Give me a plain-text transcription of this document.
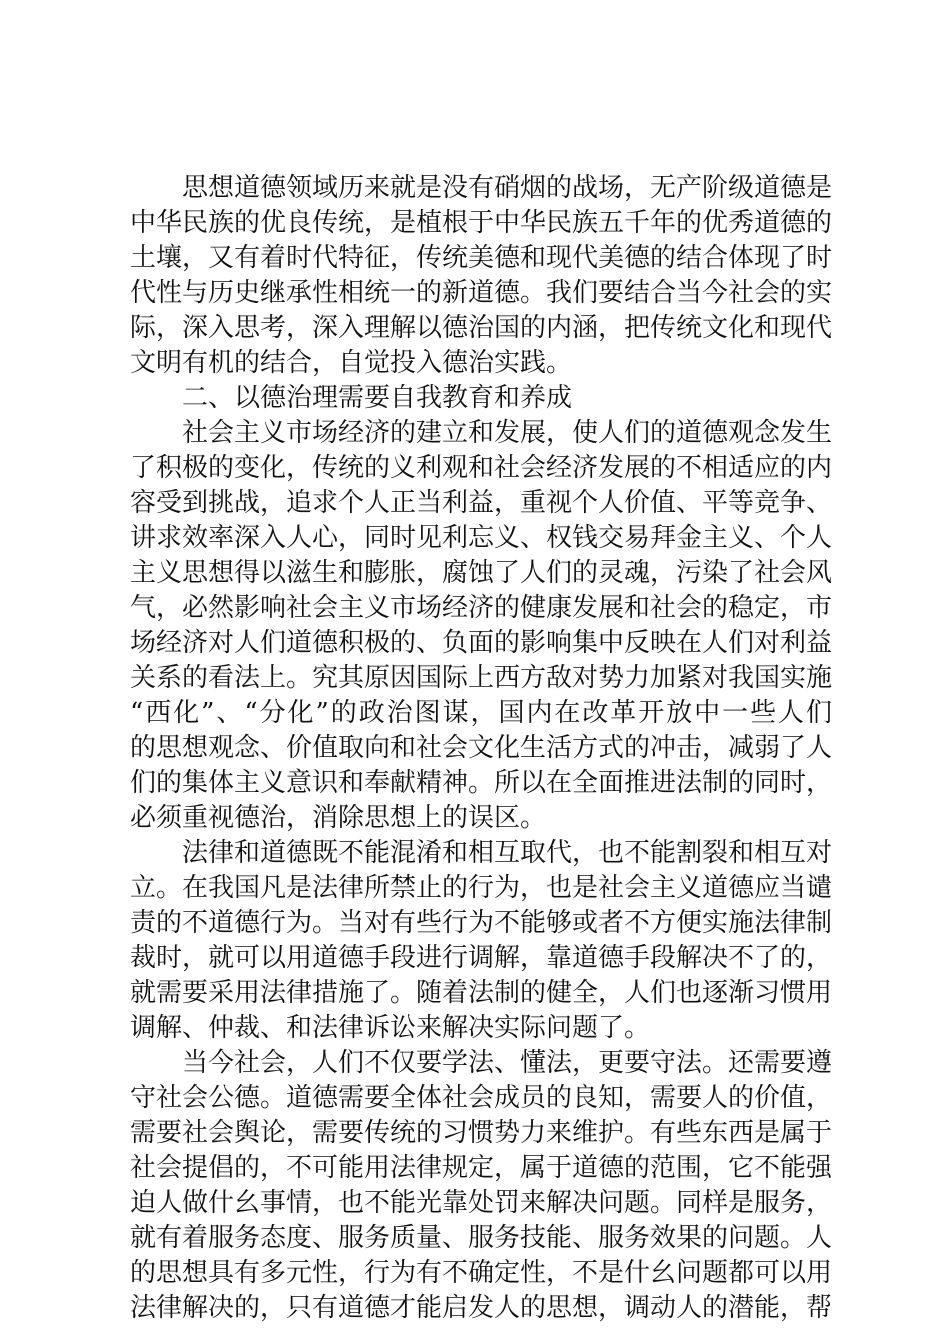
思想道德领域历来就是没有硝烟的战场，无产阶级道德是
中华民族的优良传统，是植根于中华民族五千年的优秀道德的
土壤，又有着时代特征，传统美德和现代美德的结合体现了时
代性与历史继承性相统一的新道德。我们要结合当今社会的实
际，深入思考，深入理解以德治国的内涵，把传统文化和现代
文明有机的结合，自觉投入德治实践。
二、以德治理需要自我教育和养成
社会主义市场经济的建立和发展，使人们的道德观念发生
了积极的变化，传统的义利观和社会经济发展的不相适应的内
容受到挑战，追求个人正当利益，重视个人价值、平等竞争、
讲求效率深入人心，同时见利忘义、权钱交易拜金主义、个人
主义思想得以滋生和膨胀，腐蚀了人们的灵魂，污染了社会风
气，必然影响社会主义市场经济的健康发展和社会的稳定，市
场经济对人们道德积极的、负面的影响集中反映在人们对利益
关系的看法上。究其原因国际上西方敌对势力加紧对我国实施
“西化”、“分化”的政治图谋，国内在改革开放中一些人们
的思想观念、价值取向和社会文化生活方式的冲击，减弱了人
们的集体主义意识和奉献精神。所以在全面推进法制的同时，
必须重视德治，消除思想上的误区。
法律和道德既不能混淆和相互取代，也不能割裂和相互对
立。在我国凡是法律所禁止的行为，也是社会主义道德应当谴
责的不道德行为。当对有些行为不能够或者不方便实施法律制
裁时，就可以用道德手段进行调解，靠道德手段解决不了的，
就需要采用法律措施了。随着法制的健全，人们也逐渐习惯用
调解、仲裁、和法律诉讼来解决实际问题了。
当今社会，人们不仅要学法、懂法，更要守法。还需要遵
守社会公德。道德需要全体社会成员的良知，需要人的价值，
需要社会舆论，需要传统的习惯势力来维护。有些东西是属于
社会提倡的，不可能用法律规定，属于道德的范围，它不能强
迫人做什幺事情，也不能光靠处罚来解决问题。同样是服务，
就有着服务态度、服务质量、服务技能、服务效果的问题。人
的思想具有多元性，行为有不确定性，不是什幺问题都可以用
法律解决的，只有道德才能启发人的思想，调动人的潜能，帮
